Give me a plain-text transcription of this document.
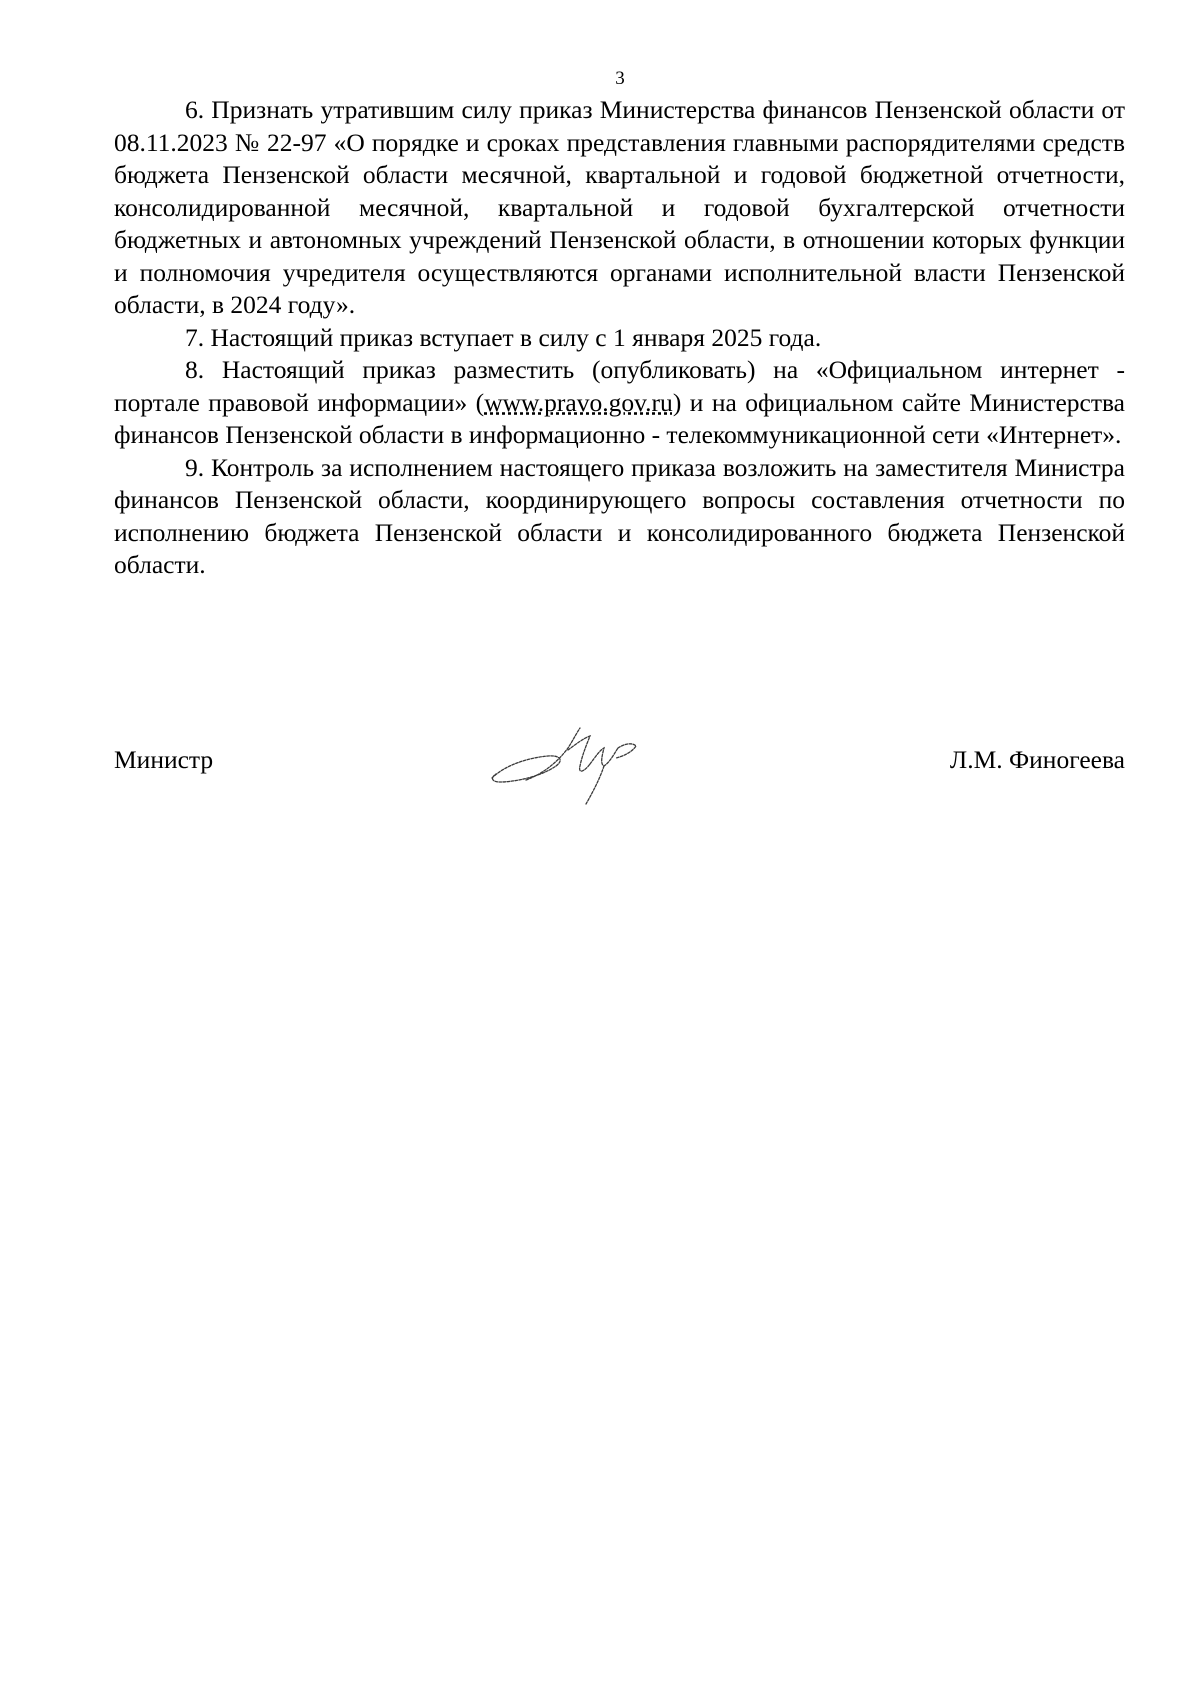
3

6. Признать утратившим силу приказ Министерства финансов Пензенской области от 08.11.2023 № 22-97 «О порядке и сроках представления главными распорядителями средств бюджета Пензенской области месячной, квартальной и годовой бюджетной отчетности, консолидированной месячной, квартальной и годовой бухгалтерской отчетности бюджетных и автономных учреждений Пензенской области, в отношении которых функции и полномочия учредителя осуществляются органами исполнительной власти Пензенской области, в 2024 году».

7. Настоящий приказ вступает в силу с 1 января 2025 года.

8. Настоящий приказ разместить (опубликовать) на «Официальном интернет - портале правовой информации» (www.pravo.gov.ru) и на официальном сайте Министерства финансов Пензенской области в информационно - телекоммуникационной сети «Интернет».

9. Контроль за исполнением настоящего приказа возложить на заместителя Министра финансов Пензенской области, координирующего вопросы составления отчетности по исполнению бюджета Пензенской области и консолидированного бюджета Пензенской области.

Министр	Л.М. Финогеева
